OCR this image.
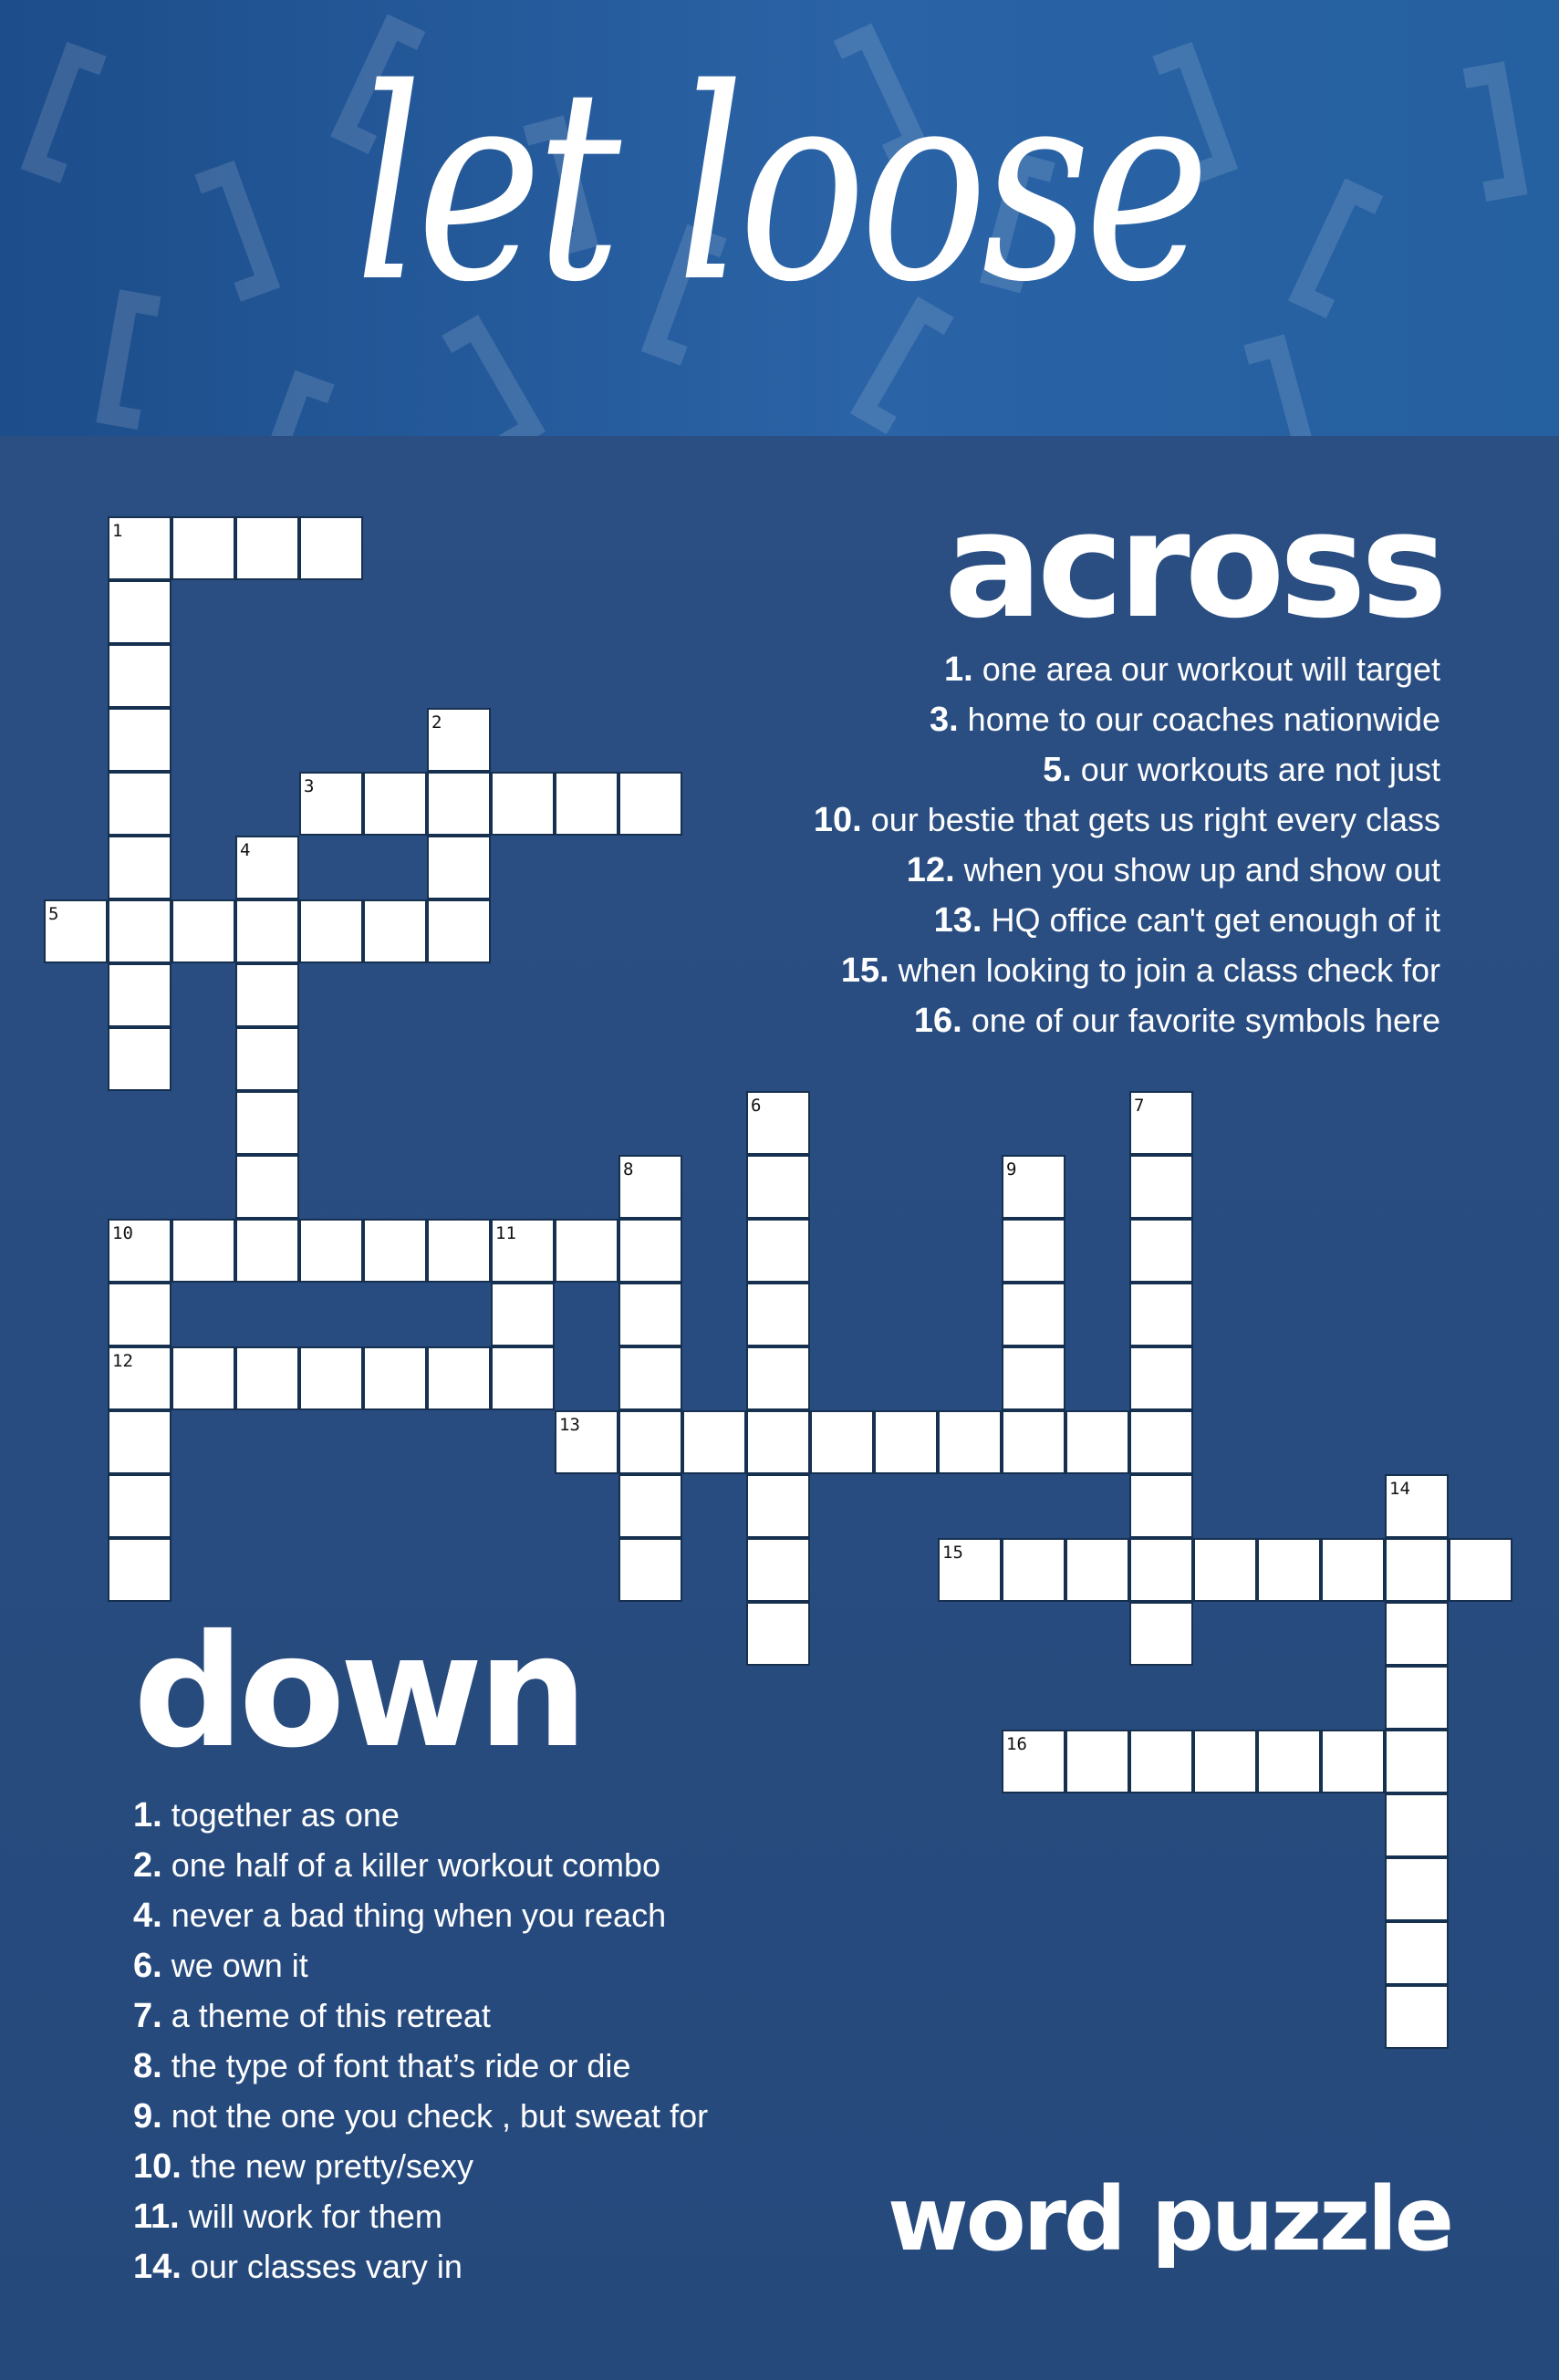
let loose
1
2
3
4
5
6	7
8	9
10	11
12
13
14
15
16
across
1. one area our workout will target
3. home to our coaches nationwide
5. our workouts are not just
10. our bestie that gets us right every class
12. when you show up and show out
13. HQ office can't get enough of it
15. when looking to join a class check for
16. one of our favorite symbols here
down
1. together as one
2. one half of a killer workout combo
4. never a bad thing when you reach
6. we own it
7. a theme of this retreat
8. the type of font that’s ride or die
9. not the one you check , but sweat for
10. the new pretty/sexy
11. will work for them
14. our classes vary in	word puzzle
